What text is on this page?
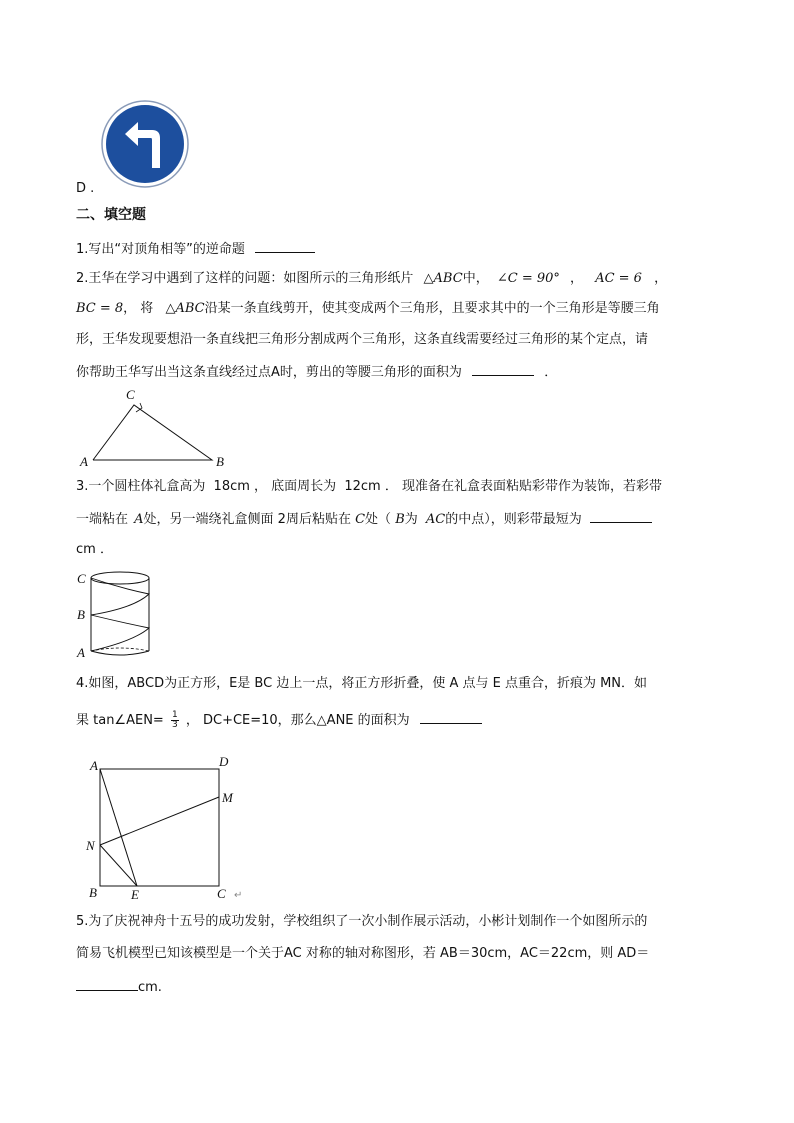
D .
二、填空题
1.写出“对顶角相等”的逆命题
2.王华在学习中遇到了这样的问题：如图所示的三角形纸片 △ABC中， ∠C = 90° ， AC = 6 ，
BC = 8， 将 △ABC沿某一条直线剪开，使其变成两个三角形，且要求其中的一个三角形是等腰三角
形，王华发现要想沿一条直线把三角形分割成两个三角形，这条直线需要经过三角形的某个定点，请
你帮助王华写出当这条直线经过点A时，剪出的等腰三角形的面积为	．
C
A	B
3.一个圆柱体礼盒高为 18cm ， 底面周长为 12cm ． 现准备在礼盒表面粘贴彩带作为装饰，若彩带
一端粘在 A处，另一端绕礼盒侧面 2周后粘贴在 C处（ B为 AC的中点），则彩带最短为
cm ．
C
B
A
4.如图，ABCD为正方形，E是 BC 边上一点，将正方形折叠，使 A 点与 E 点重合，折痕为 MN．如
果 tan∠AEN= $\frac{1}{3}$ ， DC+CE=10，那么△ANE 的面积为
A	D
M
N
B	E	C ↵
5.为了庆祝神舟十五号的成功发射，学校组织了一次小制作展示活动，小彬计划制作一个如图所示的
简易飞机模型已知该模型是一个关于AC 对称的轴对称图形，若 AB＝30cm，AC＝22cm，则 AD＝
cm.
